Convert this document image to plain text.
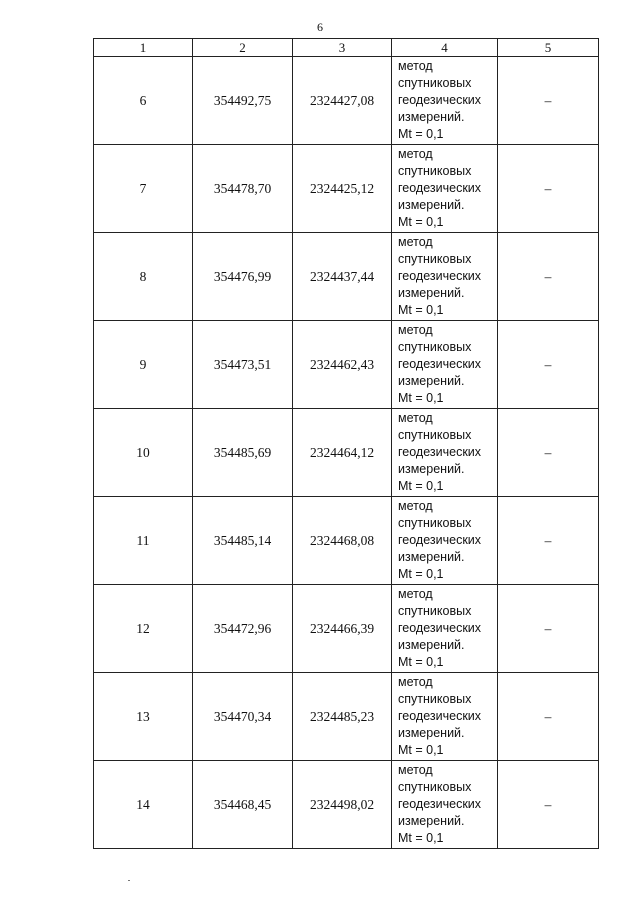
6
1	2	3	4	5
6	354492,75	2324427,08	метод
спутниковых
геодезических
измерений.
Mt = 0,1	–
7	354478,70	2324425,12	метод
спутниковых
геодезических
измерений.
Mt = 0,1	–
8	354476,99	2324437,44	метод
спутниковых
геодезических
измерений.
Mt = 0,1	–
9	354473,51	2324462,43	метод
спутниковых
геодезических
измерений.
Mt = 0,1	–
10	354485,69	2324464,12	метод
спутниковых
геодезических
измерений.
Mt = 0,1	–
11	354485,14	2324468,08	метод
спутниковых
геодезических
измерений.
Mt = 0,1	–
12	354472,96	2324466,39	метод
спутниковых
геодезических
измерений.
Mt = 0,1	–
13	354470,34	2324485,23	метод
спутниковых
геодезических
измерений.
Mt = 0,1	–
14	354468,45	2324498,02	метод
спутниковых
геодезических
измерений.
Mt = 0,1	–
